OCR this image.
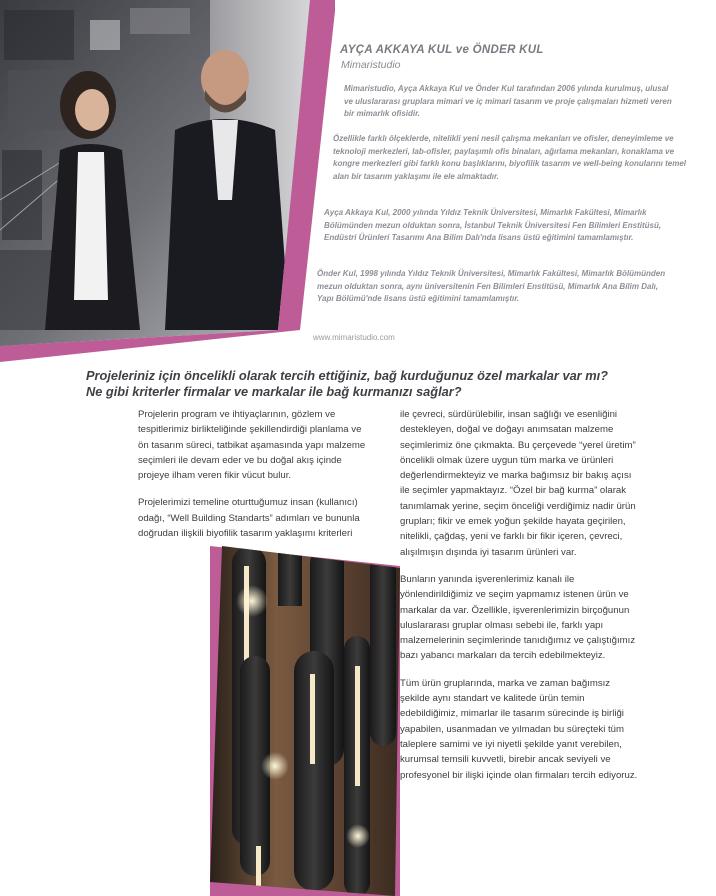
AYÇA AKKAYA KUL ve ÖNDER KUL
Mimaristudio
Mimaristudio, Ayça Akkaya Kul ve Önder Kul tarafından 2006 yılında kurulmuş, ulusal ve uluslararası gruplara mimari ve iç mimari tasarım ve proje çalışmaları hizmeti veren bir mimarlık ofisidir.
Özellikle farklı ölçeklerde, nitelikli yeni nesil çalışma mekanları ve ofisler, deneyimleme ve teknoloji merkezleri, lab-ofisler, paylaşımlı ofis binaları, ağırlama mekanları, konaklama ve kongre merkezleri gibi farklı konu başlıklarını, biyofilik tasarım ve well-being konularını temel alan bir tasarım yaklaşımı ile ele almaktadır.
Ayça Akkaya Kul, 2000 yılında Yıldız Teknik Üniversitesi, Mimarlık Fakültesi, Mimarlık Bölümünden mezun olduktan sonra, İstanbul Teknik Üniversitesi Fen Bilimleri Enstitüsü, Endüstri Ürünleri Tasarımı Ana Bilim Dalı'nda lisans üstü eğitimini tamamlamıştır.
Önder Kul, 1998 yılında Yıldız Teknik Üniversitesi, Mimarlık Fakültesi, Mimarlık Bölümünden mezun olduktan sonra, aynı üniversitenin Fen Bilimleri Enstitüsü, Mimarlık Ana Bilim Dalı, Yapı Bölümü'nde lisans üstü eğitimini tamamlamıştır.
www.mimaristudio.com
Projeleriniz için öncelikli olarak tercih ettiğiniz, bağ kurduğunuz özel markalar var mı? Ne gibi kriterler firmalar ve markalar ile bağ kurmanızı sağlar?

Projelerin program ve ihtiyaçlarının, gözlem ve tespitlerimiz birlikteliğinde şekillendirdiği planlama ve ön tasarım süreci, tatbikat aşamasında yapı malzeme seçimleri ile devam eder ve bu doğal akış içinde projeye ilham veren fikir vücut bulur.

Projelerimizi temeline oturttuğumuz insan (kullanıcı) odağı, “Well Building Standarts” adımları ve bununla doğrudan ilişkili biyofilik tasarım yaklaşımı kriterleri

ile çevreci, sürdürülebilir, insan sağlığı ve esenliğini destekleyen, doğal ve doğayı anımsatan malzeme seçimlerimiz öne çıkmakta. Bu çerçevede “yerel üretim” öncelikli olmak üzere uygun tüm marka ve ürünleri değerlendirmekteyiz ve marka bağımsız bir bakış açısı ile seçimler yapmaktayız. “Özel bir bağ kurma” olarak tanımlamak yerine, seçim önceliği verdiğimiz nadir ürün grupları; fikir ve emek yoğun şekilde hayata geçirilen, nitelikli, çağdaş, yeni ve farklı bir fikir içeren, çevreci, alışılmışın dışında iyi tasarım ürünleri var.

Bunların yanında işverenlerimiz kanalı ile yönlendirildiğimiz ve seçim yapmamız istenen ürün ve markalar da var. Özellikle, işverenlerimizin birçoğunun uluslararası gruplar olması sebebi ile, farklı yapı malzemelerinin seçimlerinde tanıdığımız ve çalıştığımız bazı yabancı markaları da tercih edebilmekteyiz.

Tüm ürün gruplarında, marka ve zaman bağımsız şekilde aynı standart ve kalitede ürün temin edebildiğimiz, mimarlar ile tasarım sürecinde iş birliği yapabilen, usanmadan ve yılmadan bu süreçteki tüm taleplere samimi ve iyi niyetli şekilde yanıt verebilen, kurumsal temsili kuvvetli, birebir ancak seviyeli ve profesyonel bir ilişki içinde olan firmaları tercih ediyoruz.
